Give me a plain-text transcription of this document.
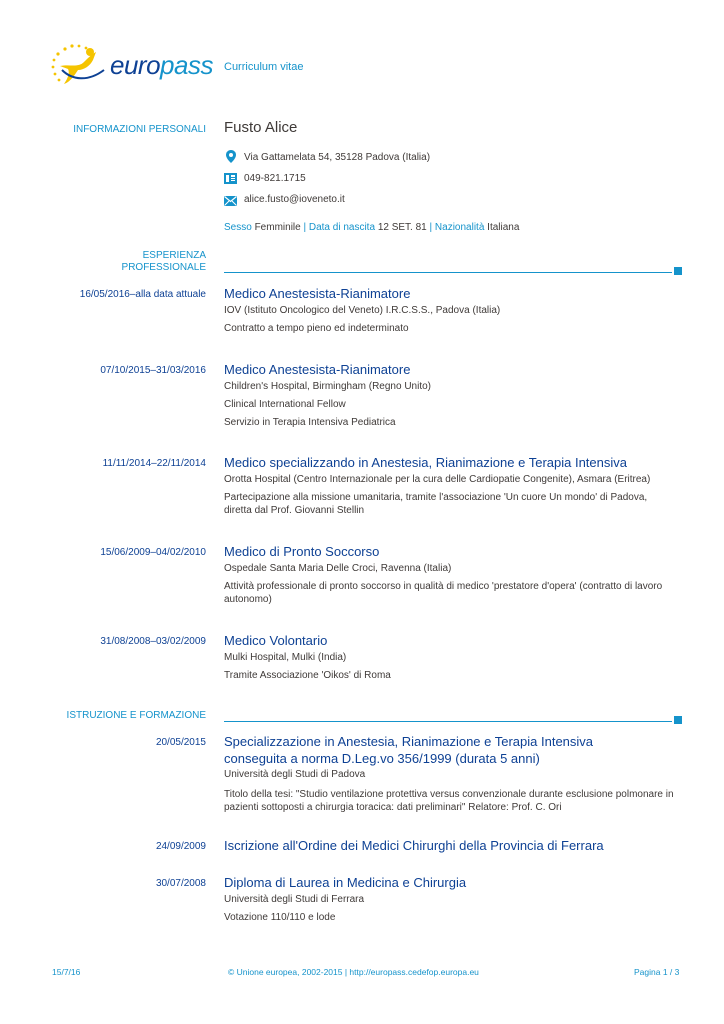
europass Curriculum vitae
INFORMAZIONI PERSONALI Fusto Alice
Via Gattamelata 54, 35128 Padova (Italia)
049-821.1715
alice.fusto@ioveneto.it
Sesso Femminile | Data di nascita 12 SET. 81 | Nazionalità Italiana
ESPERIENZA
PROFESSIONALE
16/05/2016–alla data attuale Medico Anestesista-Rianimatore
IOV (Istituto Oncologico del Veneto) I.R.C.S.S., Padova (Italia)
Contratto a tempo pieno ed indeterminato
07/10/2015–31/03/2016 Medico Anestesista-Rianimatore
Children's Hospital, Birmingham (Regno Unito)
Clinical International Fellow
Servizio in Terapia Intensiva Pediatrica
11/11/2014–22/11/2014 Medico specializzando in Anestesia, Rianimazione e Terapia Intensiva
Orotta Hospital (Centro Internazionale per la cura delle Cardiopatie Congenite), Asmara (Eritrea)
Partecipazione alla missione umanitaria, tramite l'associazione 'Un cuore Un mondo' di Padova,
diretta dal Prof. Giovanni Stellin
15/06/2009–04/02/2010 Medico di Pronto Soccorso
Ospedale Santa Maria Delle Croci, Ravenna (Italia)
Attività professionale di pronto soccorso in qualità di medico 'prestatore d'opera' (contratto di lavoro
autonomo)
31/08/2008–03/02/2009 Medico Volontario
Mulki Hospital, Mulki (India)
Tramite Associazione 'Oikos' di Roma
ISTRUZIONE E FORMAZIONE
20/05/2015 Specializzazione in Anestesia, Rianimazione e Terapia Intensiva
conseguita a norma D.Leg.vo 356/1999 (durata 5 anni)
Università degli Studi di Padova
Titolo della tesi: "Studio ventilazione protettiva versus convenzionale durante esclusione polmonare in
pazienti sottoposti a chirurgia toracica: dati preliminari" Relatore: Prof. C. Ori
24/09/2009 Iscrizione all'Ordine dei Medici Chirurghi della Provincia di Ferrara
30/07/2008 Diploma di Laurea in Medicina e Chirurgia
Università degli Studi di Ferrara
Votazione 110/110 e lode
15/7/16	© Unione europea, 2002-2015 | http://europass.cedefop.europa.eu	Pagina 1 / 3
